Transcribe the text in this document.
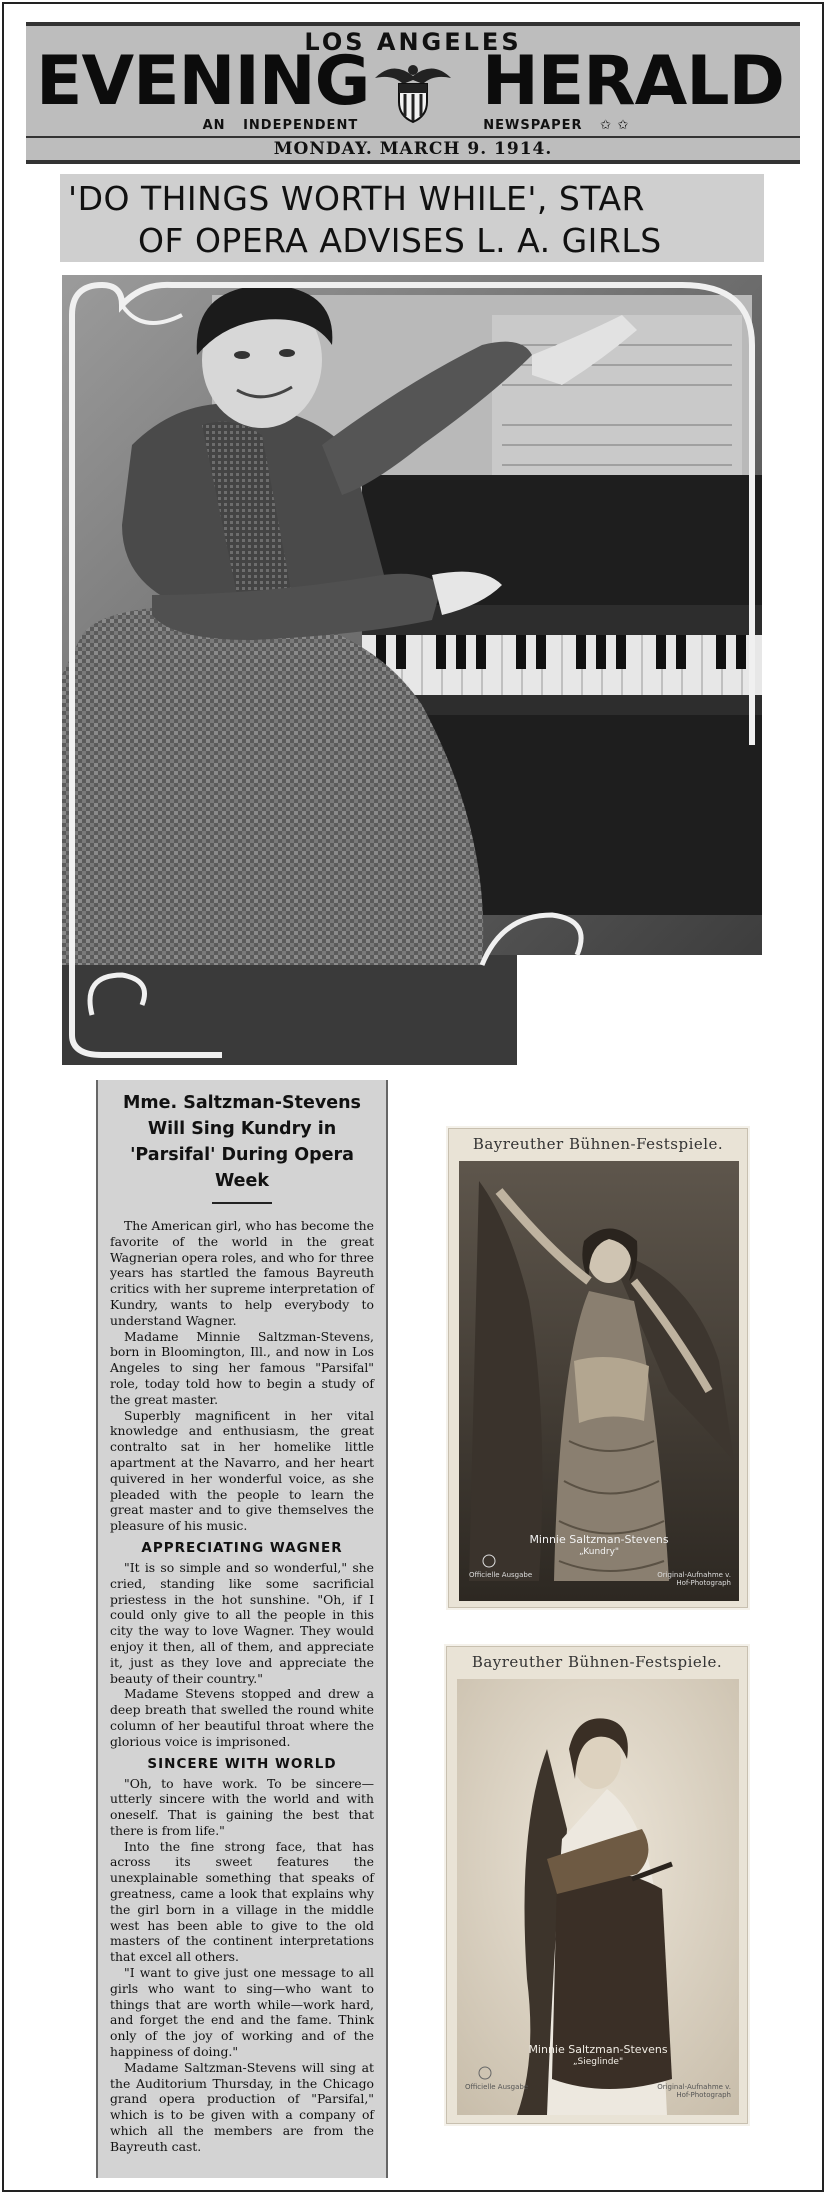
LOS ANGELES
EVENING HERALD
AN INDEPENDENT	NEWSPAPER ✩ ✩
MONDAY. MARCH 9. 1914.
'DO THINGS WORTH WHILE', STAR
OF OPERA ADVISES L. A. GIRLS
Mme. Saltzman-Stevens Will Sing Kundry in 'Parsifal' During Opera Week

The American girl, who has become the favorite of the world in the great Wagnerian opera roles, and who for three years has startled the famous Bayreuth critics with her supreme interpretation of Kundry, wants to help everybody to understand Wagner.

Madame Minnie Saltzman-Stevens, born in Bloomington, Ill., and now in Los Angeles to sing her famous "Parsifal" role, today told how to begin a study of the great master.

Superbly magnificent in her vital knowledge and enthusiasm, the great contralto sat in her homelike little apartment at the Navarro, and her heart quivered in her wonderful voice, as she pleaded with the people to learn the great master and to give themselves the pleasure of his music.

APPRECIATING WAGNER

"It is so simple and so wonderful," she cried, standing like some sacrificial priestess in the hot sunshine. "Oh, if I could only give to all the people in this city the way to love Wagner. They would enjoy it then, all of them, and appreciate it, just as they love and appreciate the beauty of their country."

Madame Stevens stopped and drew a deep breath that swelled the round white column of her beautiful throat where the glorious voice is imprisoned.

SINCERE WITH WORLD

"Oh, to have work. To be sincere—utterly sincere with the world and with oneself. That is gaining the best that there is from life."

Into the fine strong face, that has across its sweet features the unexplainable something that speaks of greatness, came a look that explains why the girl born in a village in the middle west has been able to give to the old masters of the continent interpretations that excel all others.

"I want to give just one message to all girls who want to sing—who want to things that are worth while—work hard, and forget the end and the fame. Think only of the joy of working and of the happiness of doing."

Madame Saltzman-Stevens will sing at the Auditorium Thursday, in the Chicago grand opera production of "Parsifal," which is to be given with a company of which all the members are from the Bayreuth cast.

Bayreuther Bühnen-Festspiele.
Minnie Saltzman-Stevens
„Kundry"
Officielle Ausgabe	Original-Aufnahme v. Hof-Photograph
Bayreuther Bühnen-Festspiele.
Minnie Saltzman-Stevens
„Sieglinde"
Officielle Ausgabe	Original-Aufnahme v. Hof-Photograph
